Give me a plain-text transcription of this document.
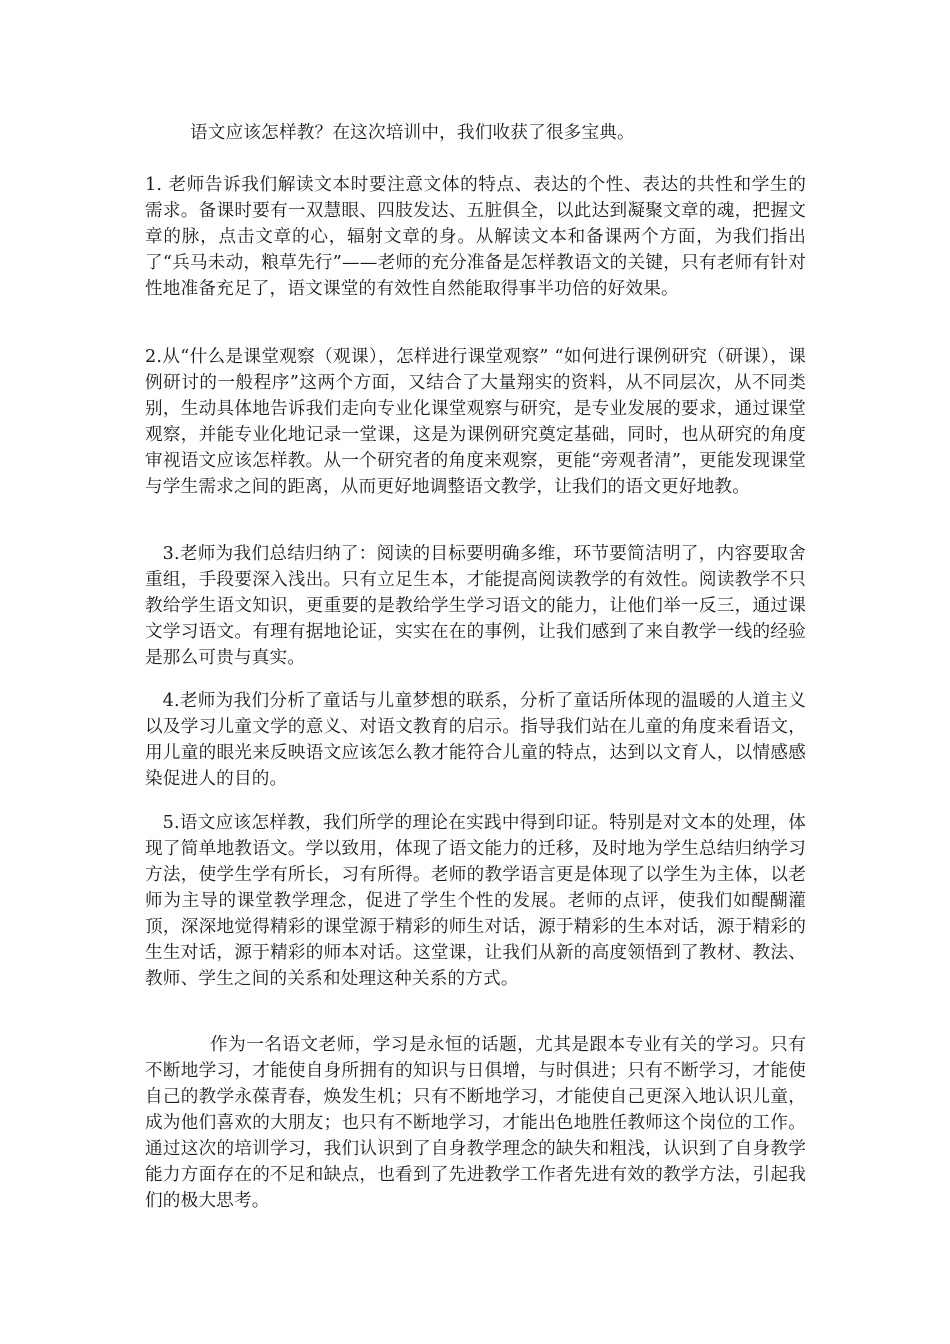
语文应该怎样教？在这次培训中，我们收获了很多宝典。

1. 老师告诉我们解读文本时要注意文体的特点、表达的个性、表达的共性和学生的需求。备课时要有一双慧眼、四肢发达、五脏俱全，以此达到凝聚文章的魂，把握文章的脉，点击文章的心，辐射文章的身。从解读文本和备课两个方面，为我们指出了“兵马未动，粮草先行”——老师的充分准备是怎样教语文的关键，只有老师有针对性地准备充足了，语文课堂的有效性自然能取得事半功倍的好效果。

2.从“什么是课堂观察（观课），怎样进行课堂观察” “如何进行课例研究（研课），课例研讨的一般程序”这两个方面，又结合了大量翔实的资料，从不同层次，从不同类别，生动具体地告诉我们走向专业化课堂观察与研究，是专业发展的要求，通过课堂观察，并能专业化地记录一堂课，这是为课例研究奠定基础，同时，也从研究的角度审视语文应该怎样教。从一个研究者的角度来观察，更能“旁观者清”，更能发现课堂与学生需求之间的距离，从而更好地调整语文教学，让我们的语文更好地教。

3.老师为我们总结归纳了：阅读的目标要明确多维，环节要简洁明了，内容要取舍重组，手段要深入浅出。只有立足生本，才能提高阅读教学的有效性。阅读教学不只教给学生语文知识，更重要的是教给学生学习语文的能力，让他们举一反三，通过课文学习语文。有理有据地论证，实实在在的事例，让我们感到了来自教学一线的经验是那么可贵与真实。

4.老师为我们分析了童话与儿童梦想的联系，分析了童话所体现的温暖的人道主义以及学习儿童文学的意义、对语文教育的启示。指导我们站在儿童的角度来看语文，用儿童的眼光来反映语文应该怎么教才能符合儿童的特点，达到以文育人，以情感感染促进人的目的。

5.语文应该怎样教，我们所学的理论在实践中得到印证。特别是对文本的处理，体现了简单地教语文。学以致用，体现了语文能力的迁移，及时地为学生总结归纳学习方法，使学生学有所长，习有所得。老师的教学语言更是体现了以学生为主体，以老师为主导的课堂教学理念，促进了学生个性的发展。老师的点评，使我们如醍醐灌顶，深深地觉得精彩的课堂源于精彩的师生对话，源于精彩的生本对话，源于精彩的生生对话，源于精彩的师本对话。这堂课，让我们从新的高度领悟到了教材、教法、教师、学生之间的关系和处理这种关系的方式。

作为一名语文老师，学习是永恒的话题，尤其是跟本专业有关的学习。只有不断地学习，才能使自身所拥有的知识与日俱增，与时俱进；只有不断学习，才能使自己的教学永葆青春，焕发生机；只有不断地学习，才能使自己更深入地认识儿童，成为他们喜欢的大朋友；也只有不断地学习，才能出色地胜任教师这个岗位的工作。通过这次的培训学习，我们认识到了自身教学理念的缺失和粗浅，认识到了自身教学能力方面存在的不足和缺点，也看到了先进教学工作者先进有效的教学方法，引起我们的极大思考。
